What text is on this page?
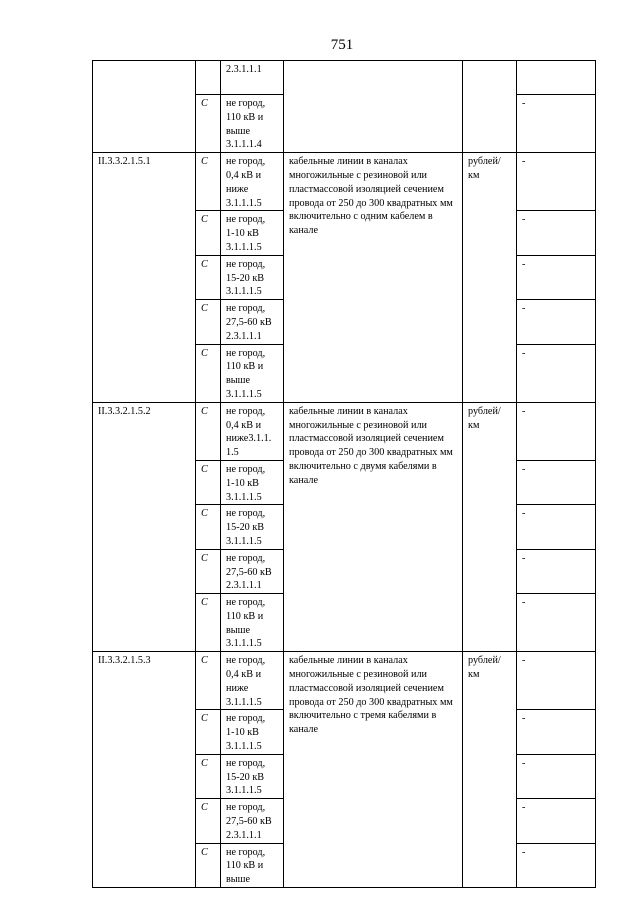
751
		2.3.1.1.1			
	C	не город,
110 кВ и
выше
3.1.1.1.4			-
II.3.3.2.1.5.1	C	не город,
0,4 кВ и
ниже
3.1.1.1.5	кабельные линии в каналах многожильные с резиновой или пластмассовой изоляцией сечением провода от 250 до 300 квадратных мм включительно с одним кабелем в канале	рублей/ км	-
	C	не город,
1-10 кВ
3.1.1.1.5			-
	C	не город,
15-20 кВ
3.1.1.1.5			-
	C	не город,
27,5-60 кВ
2.3.1.1.1			-
	C	не город,
110 кВ и
выше
3.1.1.1.5			-
II.3.3.2.1.5.2	C	не город,
0,4 кВ и
ниже3.1.1.
1.5	кабельные линии в каналах многожильные с резиновой или пластмассовой изоляцией сечением провода от 250 до 300 квадратных мм включительно с двумя кабелями в канале	рублей/ км	-
	C	не город,
1-10 кВ
3.1.1.1.5			-
	C	не город,
15-20 кВ
3.1.1.1.5			-
	C	не город,
27,5-60 кВ
2.3.1.1.1			-
	C	не город,
110 кВ и
выше
3.1.1.1.5			-
II.3.3.2.1.5.3	C	не город,
0,4 кВ и
ниже
3.1.1.1.5	кабельные линии в каналах многожильные с резиновой или пластмассовой изоляцией сечением провода от 250 до 300 квадратных мм включительно с тремя кабелями в канале	рублей/ км	-
	C	не город,
1-10 кВ
3.1.1.1.5			-
	C	не город,
15-20 кВ
3.1.1.1.5			-
	C	не город,
27,5-60 кВ
2.3.1.1.1			-
	C	не город,
110 кВ и
выше			-
